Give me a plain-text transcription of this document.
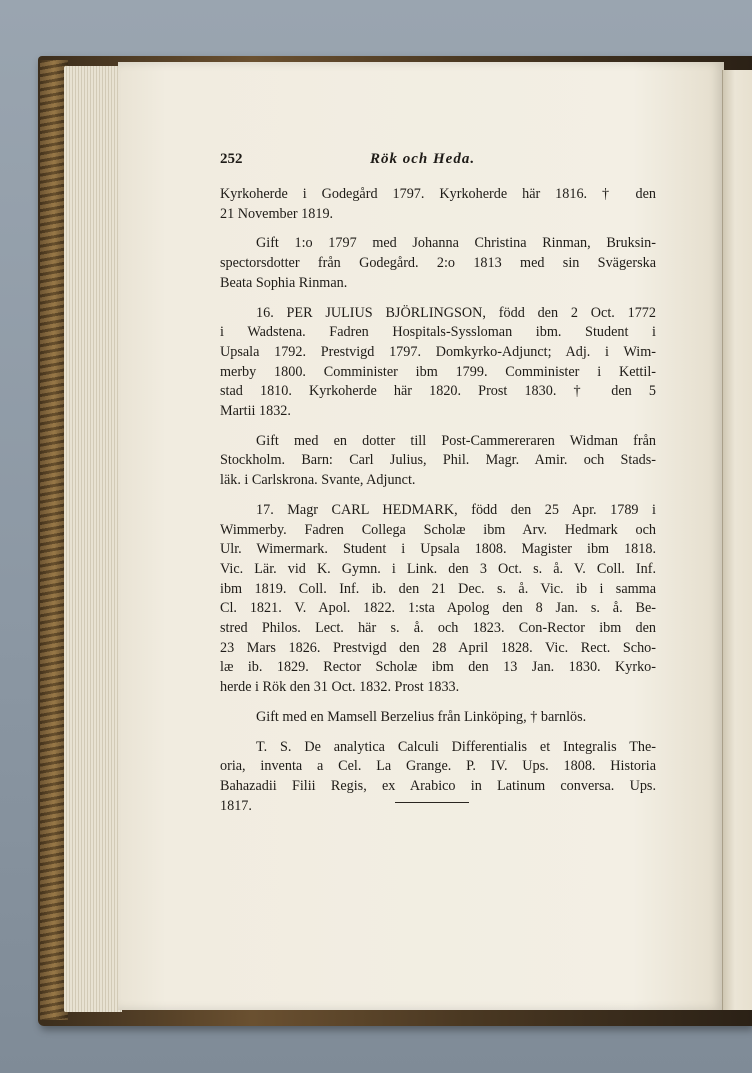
252	Rök och Heda.
Kyrkoherde i Godegård 1797. Kyrkoherde här 1816. † den
21 November 1819.
Gift 1:o 1797 med Johanna Christina Rinman, Bruksin-
spectorsdotter från Godegård. 2:o 1813 med sin Svägerska
Beata Sophia Rinman.
16. PER JULIUS BJÖRLINGSON, född den 2 Oct. 1772
i Wadstena. Fadren Hospitals-Syssloman ibm. Student i
Upsala 1792. Prestvigd 1797. Domkyrko-Adjunct; Adj. i Wim-
merby 1800. Comminister ibm 1799. Comminister i Kettil-
stad 1810. Kyrkoherde här 1820. Prost 1830. † den 5
Martii 1832.
Gift med en dotter till Post-Cammereraren Widman från
Stockholm. Barn: Carl Julius, Phil. Magr. Amir. och Stads-
läk. i Carlskrona. Svante, Adjunct.
17. Magr CARL HEDMARK, född den 25 Apr. 1789 i
Wimmerby. Fadren Collega Scholæ ibm Arv. Hedmark och
Ulr. Wimermark. Student i Upsala 1808. Magister ibm 1818.
Vic. Lär. vid K. Gymn. i Link. den 3 Oct. s. å. V. Coll. Inf.
ibm 1819. Coll. Inf. ib. den 21 Dec. s. å. Vic. ib i samma
Cl. 1821. V. Apol. 1822. 1:sta Apolog den 8 Jan. s. å. Be-
stred Philos. Lect. här s. å. och 1823. Con-Rector ibm den
23 Mars 1826. Prestvigd den 28 April 1828. Vic. Rect. Scho-
læ ib. 1829. Rector Scholæ ibm den 13 Jan. 1830. Kyrko-
herde i Rök den 31 Oct. 1832. Prost 1833.
Gift med en Mamsell Berzelius från Linköping, † barnlös.
T. S. De analytica Calculi Differentialis et Integralis The-
oria, inventa a Cel. La Grange. P. IV. Ups. 1808. Historia
Bahazadii Filii Regis, ex Arabico in Latinum conversa. Ups.
1817.
